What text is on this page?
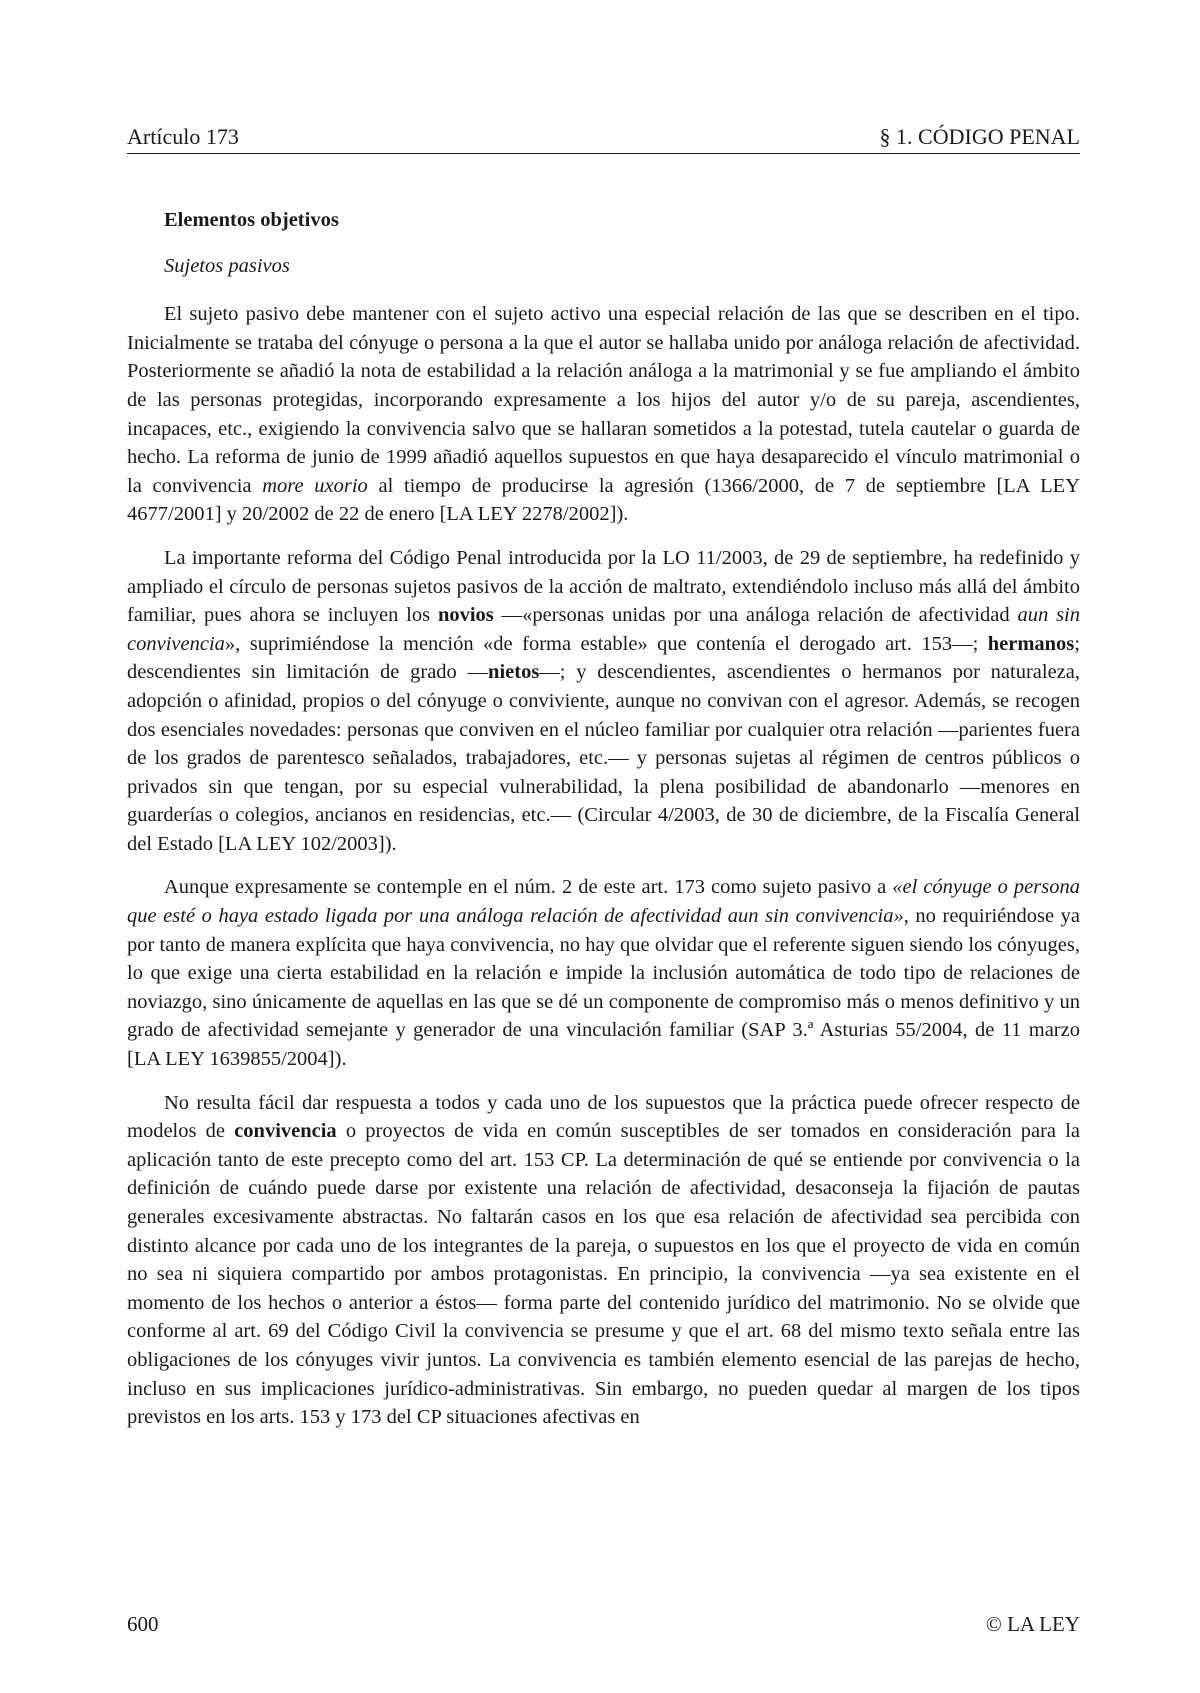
Artículo 173	§ 1. CÓDIGO PENAL
Elementos objetivos
Sujetos pasivos

El sujeto pasivo debe mantener con el sujeto activo una especial relación de las que se describen en el tipo. Inicialmente se trataba del cónyuge o persona a la que el autor se hallaba unido por análoga relación de afectividad. Posteriormente se añadió la nota de estabilidad a la relación análoga a la matrimonial y se fue ampliando el ámbito de las personas protegidas, incorporando expresamente a los hijos del autor y/o de su pareja, ascendientes, incapaces, etc., exigiendo la convivencia salvo que se hallaran sometidos a la potestad, tutela cautelar o guarda de hecho. La reforma de junio de 1999 añadió aquellos supuestos en que haya desaparecido el vínculo matrimonial o la convivencia more uxorio al tiempo de producirse la agresión (1366/2000, de 7 de septiembre [LA LEY 4677/2001] y 20/2002 de 22 de enero [LA LEY 2278/2002]).

La importante reforma del Código Penal introducida por la LO 11/2003, de 29 de septiembre, ha redefinido y ampliado el círculo de personas sujetos pasivos de la acción de maltrato, extendiéndolo incluso más allá del ámbito familiar, pues ahora se incluyen los novios —«personas unidas por una análoga relación de afectividad aun sin convivencia», suprimiéndose la mención «de forma estable» que contenía el derogado art. 153—; hermanos; descendientes sin limitación de grado —nietos—; y descendientes, ascendientes o hermanos por naturaleza, adopción o afinidad, propios o del cónyuge o conviviente, aunque no convivan con el agresor. Además, se recogen dos esenciales novedades: personas que conviven en el núcleo familiar por cualquier otra relación —parientes fuera de los grados de parentesco señalados, trabajadores, etc.— y personas sujetas al régimen de centros públicos o privados sin que tengan, por su especial vulnerabilidad, la plena posibilidad de abandonarlo —menores en guarderías o colegios, ancianos en residencias, etc.— (Circular 4/2003, de 30 de diciembre, de la Fiscalía General del Estado [LA LEY 102/2003]).

Aunque expresamente se contemple en el núm. 2 de este art. 173 como sujeto pasivo a «el cónyuge o persona que esté o haya estado ligada por una análoga relación de afectividad aun sin convivencia», no requiriéndose ya por tanto de manera explícita que haya convivencia, no hay que olvidar que el referente siguen siendo los cónyuges, lo que exige una cierta estabilidad en la relación e impide la inclusión automática de todo tipo de relaciones de noviazgo, sino únicamente de aquellas en las que se dé un componente de compromiso más o menos definitivo y un grado de afectividad semejante y generador de una vinculación familiar (SAP 3.ª Asturias 55/2004, de 11 marzo [LA LEY 1639855/2004]).

No resulta fácil dar respuesta a todos y cada uno de los supuestos que la práctica puede ofrecer respecto de modelos de convivencia o proyectos de vida en común susceptibles de ser tomados en consideración para la aplicación tanto de este precepto como del art. 153 CP. La determinación de qué se entiende por convivencia o la definición de cuándo puede darse por existente una relación de afectividad, desaconseja la fijación de pautas generales excesivamente abstractas. No faltarán casos en los que esa relación de afectividad sea percibida con distinto alcance por cada uno de los integrantes de la pareja, o supuestos en los que el proyecto de vida en común no sea ni siquiera compartido por ambos protagonistas. En principio, la convivencia —ya sea existente en el momento de los hechos o anterior a éstos— forma parte del contenido jurídico del matrimonio. No se olvide que conforme al art. 69 del Código Civil la convivencia se presume y que el art. 68 del mismo texto señala entre las obligaciones de los cónyuges vivir juntos. La convivencia es también elemento esencial de las parejas de hecho, incluso en sus implicaciones jurídico-administrativas. Sin embargo, no pueden quedar al margen de los tipos previstos en los arts. 153 y 173 del CP situaciones afectivas en

600	© LA LEY
